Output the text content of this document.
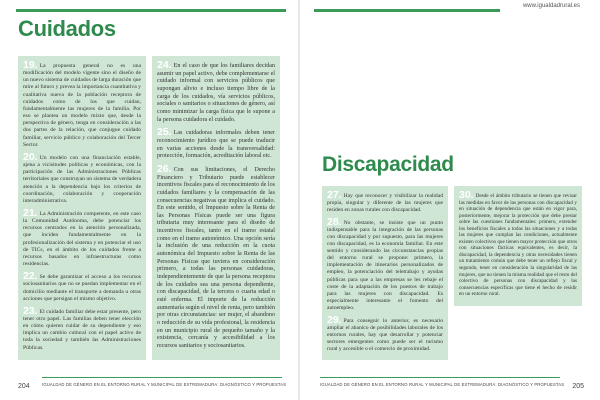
Cuidados

19. La propuesta general no es una modificación del modelo vigente sino el diseño de un nuevo sistema de cuidados de larga duración que mire al futuro y prevea la importancia cuantitativa y cualitativa nueva de la población receptora de cuidados como de los que cuidan, fundamentalmente las mujeres de la familia. Por eso se plantea un modelo mixto que, desde la perspectiva de género, tenga en consideración a las dos partes de la relación, que conjugue cuidado familiar, servicio público y colaboración del Tercer Sector.

20. Un modelo con una financiación estable, ajena a vicisitudes políticas y económicas, con la participación de las Administraciones Públicas territoriales que construyan un sistema de verdadera atención a la dependencia bajo los criterios de coordinación, colaboración y cooperación interadministrativa.

21. La Administración competente, en este caso la Comunidad Autónoma, debe potenciar los recursos centrados en la atención personalizada, que inciden fundamentalmente en la profesionalización del sistema y en potenciar el uso de TICs, en el ámbito de los cuidados frente a recursos basados en infraestructuras como residencias.

22. Se debe garantizar el acceso a los recursos sociosanitarios que no se puedan implementar en el domicilio mediante el transporte a demanda u otras acciones que persigan el mismo objetivo.

23. El cuidado familiar debe estar presente, pero tener otro papel. Las familias deben tener elección en cómo quieren cuidar de su dependiente y eso implica un cambio cultural con el papel activo de toda la sociedad y también las Administraciones Públicas.

24. En el caso de que los familiares decidan asumir un papel activo, debe complementarse el cuidado informal con servicios públicos que supongan alivio e incluso tiempo libre de la carga de los cuidados, vía servicios públicos, sociales o sanitarios o situaciones de género, así como minimizar la carga física que le supone a la persona cuidadora el cuidado.

25. Las cuidadoras informales deben tener reconocimiento jurídico que se puede traducir en varias acciones desde la transversalidad: protección, formación, acreditación laboral etc.

26. Con sus limitaciones, el Derecho Financiero y Tributario puede establecer incentivos fiscales para el reconocimiento de los cuidados familiares y la compensación de las consecuencias negativas que implica el cuidado. En este sentido, el Impuesto sobre la Renta de las Personas Físicas puede ser una figura tributaria muy interesante para el diseño de incentivos fiscales, tanto en el tramo estatal como en el tramo autonómico. Una opción sería la inclusión de una reducción en la cuota autonómica del Impuesto sobre la Renta de las Personas Físicas que tuviera en consideración primero, a todas las personas cuidadoras, independientemente de que la persona receptora de los cuidados sea una persona dependiente, con discapacidad, de la tercera o cuarta edad o esté enferma. El importe de la reducción aumentaría según el nivel de renta, pero también por otras circunstancias: ser mujer, el abandono o reducción de su vida profesional, la residencia en un municipio rural de pequeño tamaño y la existencia, cercanía y accesibilidad a los recursos sanitarios y sociosanitarios.

204	IGUALDAD DE GÉNERO EN EL ENTORNO RURAL Y MUNICIPAL DE EXTREMADURA: DIAGNÓSTICO Y PROPUESTAS
www.igualdadrural.es
Discapacidad

27. Hay que reconocer y visibilizar la realidad propia, singular y diferente de las mujeres que residen en zonas rurales con discapacidad.

28. No obstante, se insiste que un punto indispensable para la integración de las personas con discapacidad y por supuesto, para las mujeres con discapacidad, es la economía familiar. En este sentido y considerando las circunstancias propias del entorno rural se propone: primero, la implementación de itinerarios personalizados de empleo, la potenciación del teletrabajo y ayudas públicas para que a las empresas se les rebaje el coste de la adaptación de los puestos de trabajo para las mujeres con discapacidad. Es especialmente interesante el fomento del autoempleo.

29. Para conseguir lo anterior, es necesario ampliar el abanico de posibilidades laborales de los entornos rurales, hay que desarrollar y potenciar sectores emergentes como puede ser el turismo rural y accesible o el comercio de proximidad.

30. Desde el ámbito tributario se tienen que revisar las medidas en favor de las personas con discapacidad y en situación de dependencia que están en vigor para, posteriormente, mejorar la protección que debe prestar sobre las cuestiones fundamentales: primero, extender los beneficios fiscales a todas las situaciones y a todas las mujeres que cumplan las condiciones, actualmente existen colectivos que tienen mayor protección que otros con situaciones fácticas equivalentes, es decir, la discapacidad, la dependencia y otras necesidades tienen un tratamiento común que debe tener un reflejo fiscal y segundo, tener en consideración la singularidad de las mujeres, que no tienen la misma realidad que el resto del colectivo de personas con discapacidad y las consecuencias específicas que tiene el hecho de residir en un entorno rural.

IGUALDAD DE GÉNERO EN EL ENTORNO RURAL Y MUNICIPAL DE EXTREMADURA: DIAGNÓSTICO Y PROPUESTAS 205
